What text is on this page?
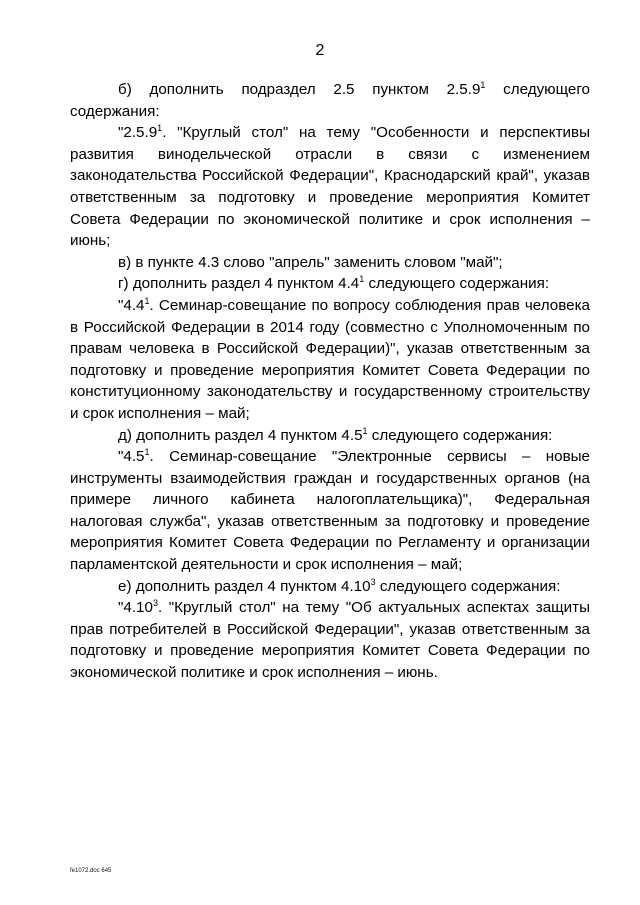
2

б) дополнить подраздел 2.5 пунктом 2.5.9$^1$ следующего содержания:

"2.5.9$^1$. "Круглый стол" на тему "Особенности и перспективы развития винодельческой отрасли в связи с изменением законодательства Российской Федерации", Краснодарский край", указав ответственным за подготовку и проведение мероприятия Комитет Совета Федерации по экономической политике и срок исполнения – июнь;

в) в пункте 4.3 слово "апрель" заменить словом "май";

г) дополнить раздел 4 пунктом $4.4^1$ следующего содержания:

"$4.4^1$. Семинар-совещание по вопросу соблюдения прав человека в Российской Федерации в 2014 году (совместно с Уполномоченным по правам человека в Российской Федерации)", указав ответственным за подготовку и проведение мероприятия Комитет Совета Федерации по конституционному законодательству и государственному строительству и срок исполнения – май;

д) дополнить раздел 4 пунктом $4.5^1$ следующего содержания:

"$4.5^1$. Семинар-совещание "Электронные сервисы – новые инструменты взаимодействия граждан и государственных органов (на примере личного кабинета налогоплательщика)", Федеральная налоговая служба", указав ответственным за подготовку и проведение мероприятия Комитет Совета Федерации по Регламенту и организации парламентской деятельности и срок исполнения – май;

е) дополнить раздел 4 пунктом 4.10$^3$ следующего содержания:

"4.10$^3$. "Круглый стол" на тему "Об актуальных аспектах защиты прав потребителей в Российской Федерации", указав ответственным за подготовку и проведение мероприятия Комитет Совета Федерации по экономической политике и срок исполнения – июнь.

fe1072.doc 645
